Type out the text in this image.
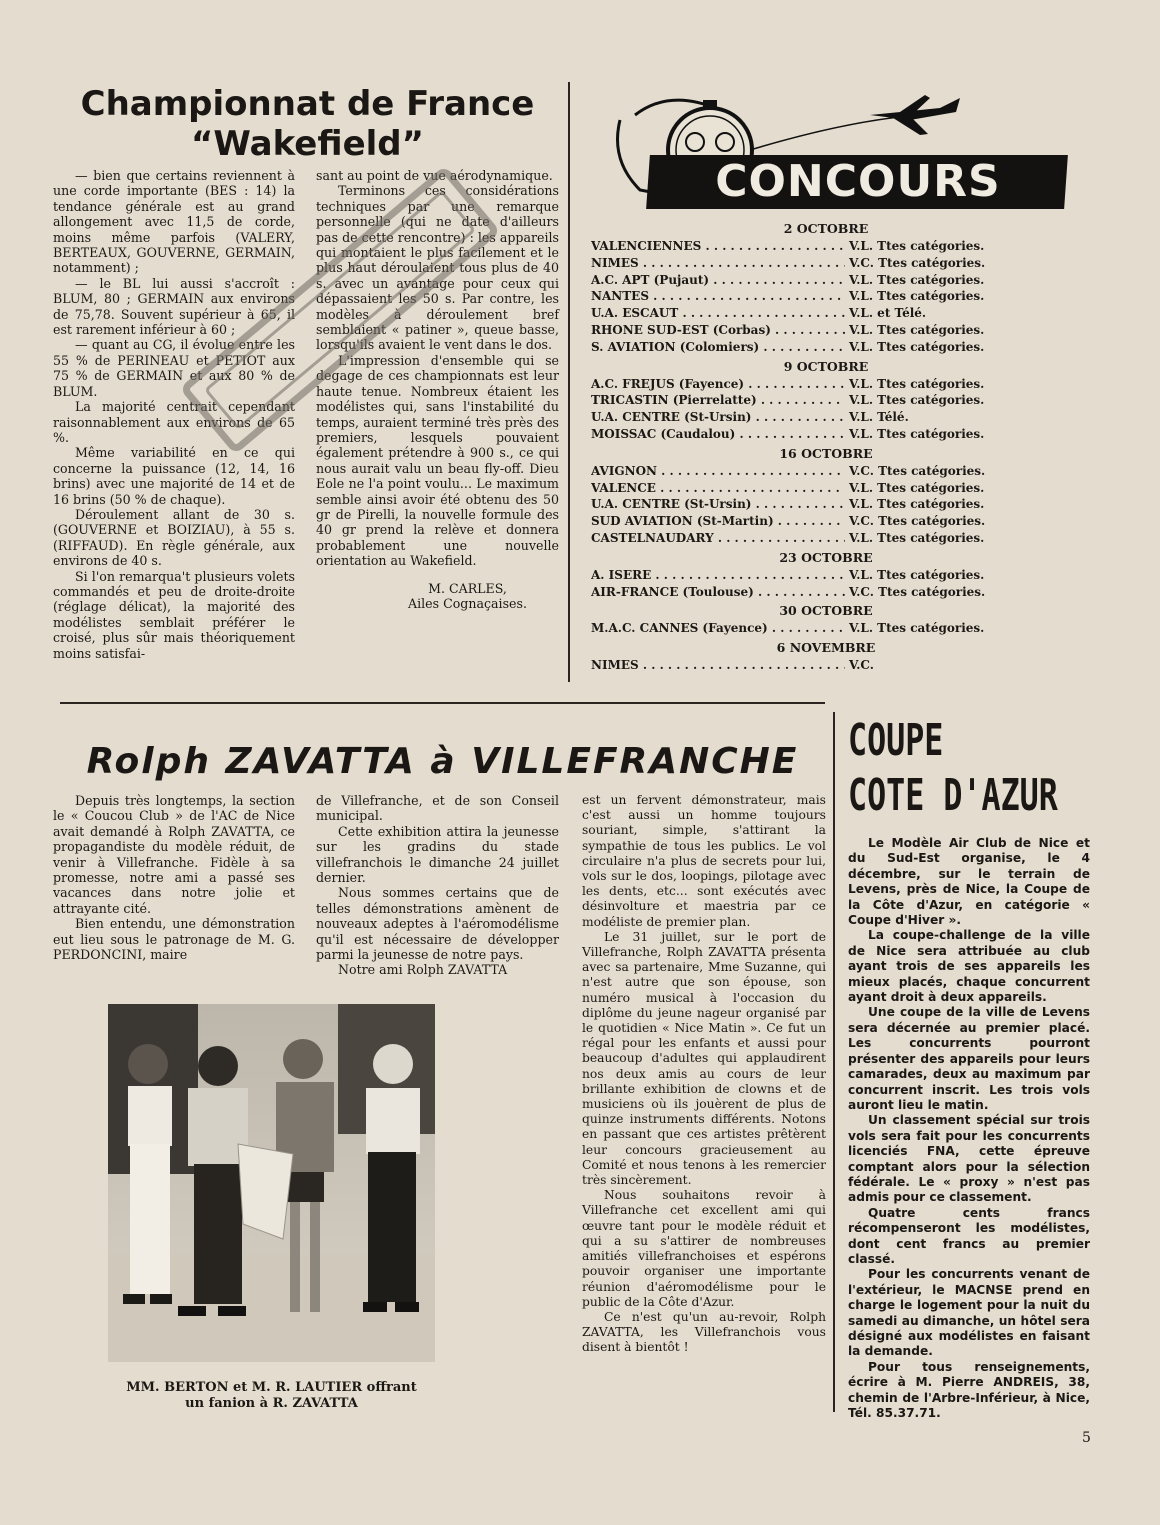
Championnat de France
“Wakefield”

— bien que certains reviennent à une corde importante (BES : 14) la tendance générale est au grand allongement avec 11,5 de corde, moins même parfois (VALERY, BERTEAUX, GOUVERNE, GERMAIN, notamment) ;

— le BL lui aussi s'accroît : BLUM, 80 ; GERMAIN aux environs de 75,78. Souvent supérieur à 65, il est rarement inférieur à 60 ;

— quant au CG, il évolue entre les 55 % de PERINEAU et PETIOT aux 75 % de GERMAIN et aux 80 % de BLUM.

La majorité centrait cependant raisonnablement aux environs de 65 %.

Même variabilité en ce qui concerne la puissance (12, 14, 16 brins) avec une majorité de 14 et de 16 brins (50 % de chaque).

Déroulement allant de 30 s. (GOUVERNE et BOIZIAU), à 55 s. (RIFFAUD). En règle générale, aux environs de 40 s.

Si l'on remarqua't plusieurs volets commandés et peu de droite-droite (réglage délicat), la majorité des modélistes semblait préférer le croisé, plus sûr mais théoriquement moins satisfai-

sant au point de vue aérodynamique.

Terminons ces considérations techniques par une remarque personnelle (qui ne date d'ailleurs pas de cette rencontre) : les appareils qui montaient le plus facilement et le plus haut déroulaient tous plus de 40 s. avec un avantage pour ceux qui dépassaient les 50 s. Par contre, les modèles à déroulement bref semblaient « patiner », queue basse, lorsqu'ils avaient le vent dans le dos.

L'impression d'ensemble qui se degage de ces championnats est leur haute tenue. Nombreux étaient les modélistes qui, sans l'instabilité du temps, auraient terminé très près des premiers, lesquels pouvaient également prétendre à 900 s., ce qui nous aurait valu un beau fly-off. Dieu Eole ne l'a point voulu... Le maximum semble ainsi avoir été obtenu des 50 gr de Pirelli, la nouvelle formule des 40 gr prend la relève et donnera probablement une nouvelle orientation au Wakefield.

M. CARLES,

Ailes Cognaçaises.

CONCOURS
2 OCTOBRE
VALENCIENNES . . .	V.L. Ttes catégories.
NIMES . . .	V.C. Ttes catégories.
A.C. APT (Pujaut) . . .	V.L. Ttes catégories.
NANTES . . .	V.L. Ttes catégories.
U.A. ESCAUT . . .	V.L. et Télé.
RHONE SUD-EST (Corbas) . . .	V.L. Ttes catégories.
S. AVIATION (Colomiers) . . .	V.L. Ttes catégories.
9 OCTOBRE
A.C. FREJUS (Fayence) . . .	V.L. Ttes catégories.
TRICASTIN (Pierrelatte) . . .	V.L. Ttes catégories.
U.A. CENTRE (St-Ursin) . . .	V.L. Télé.
MOISSAC (Caudalou) . . .	V.L. Ttes catégories.
16 OCTOBRE
AVIGNON . . .	V.C. Ttes catégories.
VALENCE . . .	V.L. Ttes catégories.
U.A. CENTRE (St-Ursin) . . .	V.L. Ttes catégories.
SUD AVIATION (St-Martin) . . .	V.C. Ttes catégories.
CASTELNAUDARY . . .	V.L. Ttes catégories.
23 OCTOBRE
A. ISERE . . .	V.L. Ttes catégories.
AIR-FRANCE (Toulouse) . . .	V.C. Ttes catégories.
30 OCTOBRE
M.A.C. CANNES (Fayence) . . .	V.L. Ttes catégories.
6 NOVEMBRE
NIMES . . .	V.C.
Rolph ZAVATTA à VILLEFRANCHE

Depuis très longtemps, la section le « Coucou Club » de l'AC de Nice avait demandé à Rolph ZAVATTA, ce propagandiste du modèle réduit, de venir à Villefranche. Fidèle à sa promesse, notre ami a passé ses vacances dans notre jolie et attrayante cité.

Bien entendu, une démonstration eut lieu sous le patronage de M. G. PERDONCINI, maire

de Villefranche, et de son Conseil municipal.

Cette exhibition attira la jeunesse sur les gradins du stade villefranchois le dimanche 24 juillet dernier.

Nous sommes certains que de telles démonstrations amènent de nouveaux adeptes à l'aéromodélisme qu'il est nécessaire de développer parmi la jeunesse de notre pays.

Notre ami Rolph ZAVATTA

est un fervent démonstrateur, mais c'est aussi un homme toujours souriant, simple, s'attirant la sympathie de tous les publics. Le vol circulaire n'a plus de secrets pour lui, vols sur le dos, loopings, pilotage avec les dents, etc... sont exécutés avec désinvolture et maestria par ce modéliste de premier plan.

Le 31 juillet, sur le port de Villefranche, Rolph ZAVATTA présenta avec sa partenaire, Mme Suzanne, qui n'est autre que son épouse, son numéro musical à l'occasion du diplôme du jeune nageur organisé par le quotidien « Nice Matin ». Ce fut un régal pour les enfants et aussi pour beaucoup d'adultes qui applaudirent nos deux amis au cours de leur brillante exhibition de clowns et de musiciens où ils jouèrent de plus de quinze instruments différents. Notons en passant que ces artistes prêtèrent leur concours gracieusement au Comité et nous tenons à les remercier très sincèrement.

Nous souhaitons revoir à Villefranche cet excellent ami qui œuvre tant pour le modèle réduit et qui a su s'attirer de nombreuses amitiés villefranchoises et espérons pouvoir organiser une importante réunion d'aéromodélisme pour le public de la Côte d'Azur.

Ce n'est qu'un au-revoir, Rolph ZAVATTA, les Villefranchois vous disent à bientôt !

MM. BERTON et M. R. LAUTIER offrant
un fanion à R. ZAVATTA
COUPE
COTE D'AZUR

Le Modèle Air Club de Nice et du Sud-Est organise, le 4 décembre, sur le terrain de Levens, près de Nice, la Coupe de la Côte d'Azur, en catégorie « Coupe d'Hiver ».

La coupe-challenge de la ville de Nice sera attribuée au club ayant trois de ses appareils les mieux placés, chaque concurrent ayant droit à deux appareils.

Une coupe de la ville de Levens sera décernée au premier placé. Les concurrents pourront présenter des appareils pour leurs camarades, deux au maximum par concurrent inscrit. Les trois vols auront lieu le matin.

Un classement spécial sur trois vols sera fait pour les concurrents licenciés FNA, cette épreuve comptant alors pour la sélection fédérale. Le « proxy » n'est pas admis pour ce classement.

Quatre cents francs récompenseront les modélistes, dont cent francs au premier classé.

Pour les concurrents venant de l'extérieur, le MACNSE prend en charge le logement pour la nuit du samedi au dimanche, un hôtel sera désigné aux modélistes en faisant la demande.

Pour tous renseignements, écrire à M. Pierre ANDREIS, 38, chemin de l'Arbre-Inférieur, à Nice, Tél. 85.37.71.

5
